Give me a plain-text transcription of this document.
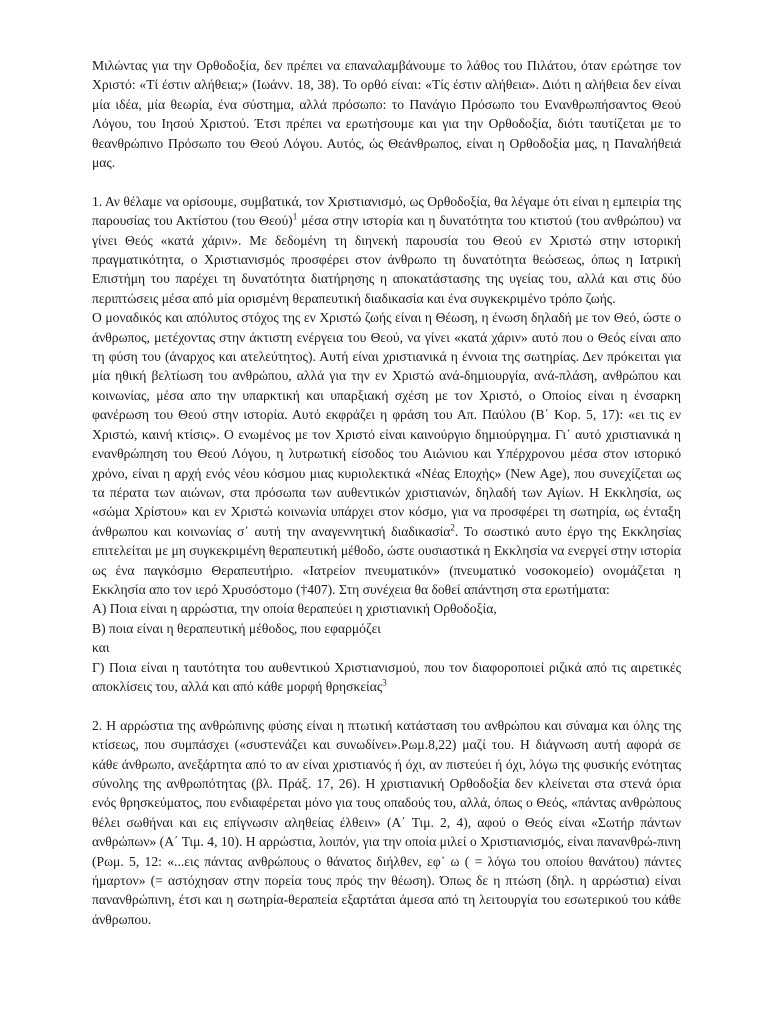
Μιλώντας για την Ορθοδοξία, δεν πρέπει να επαναλαμβάνουμε το λάθος του Πιλάτου, όταν ερώτησε τον Χριστό: «Τί έστιν αλήθεια;» (Ιωάνν. 18, 38). Το ορθό είναι: «Τίς έστιν αλήθεια». Διότι η αλήθεια δεν είναι μία ιδέα, μία θεωρία, ένα σύστημα, αλλά πρόσωπο: το Πανάγιο Πρόσωπο του Ενανθρωπήσαντος Θεού Λόγου, του Ιησού Χριστού. Έτσι πρέπει να ερωτήσουμε και για την Ορθοδοξία, διότι ταυτίζεται με το θεανθρώπινο Πρόσωπο του Θεού Λόγου. Αυτός, ώς Θεάνθρωπος, είναι η Ορθοδοξία μας, η Παναλήθειά μας.

1. Αν θέλαμε να ορίσουμε, συμβατικά, τον Χριστιανισμό, ως Ορθοδοξία, θα λέγαμε ότι είναι η εμπειρία της παρουσίας του Ακτίστου (του Θεού)$^1$ μέσα στην ιστορία και η δυνατότητα του κτιστού (του ανθρώπου) να γίνει Θεός «κατά χάριν». Με δεδομένη τη διηνεκή παρουσία του Θεού εν Χριστώ στην ιστορική πραγματικότητα, ο Χριστιανισμός προσφέρει στον άνθρωπο τη δυνατότητα θεώσεως, όπως η Ιατρική Επιστήμη του παρέχει τη δυνατότητα διατήρησης η αποκατάστασης της υγείας του, αλλά και στις δύο περιπτώσεις μέσα από μία ορισμένη θεραπευτική διαδικασία και ένα συγκεκριμένο τρόπο ζωής.

Ο μοναδικός και απόλυτος στόχος της εν Χριστώ ζωής είναι η Θέωση, η ένωση δηλαδή με τον Θεό, ώστε ο άνθρωπος, μετέχοντας στην άκτιστη ενέργεια του Θεού, να γίνει «κατά χάριν» αυτό που ο Θεός είναι απο τη φύση του (άναρχος και ατελεύτητος). Αυτή είναι χριστιανικά η έννοια της σωτηρίας. Δεν πρόκειται για μία ηθική βελτίωση του ανθρώπου, αλλά για την εν Χριστώ ανά-δημιουργία, ανά-πλάση, ανθρώπου και κοινωνίας, μέσα απο την υπαρκτική και υπαρξιακή σχέση με τον Χριστό, ο Οποίος είναι η ένσαρκη φανέρωση του Θεού στην ιστορία. Αυτό εκφράζει η φράση του Απ. Παύλου (Β΄ Κορ. 5, 17): «ει τις εν Χριστώ, καινή κτίσις». Ο ενωμένος με τον Χριστό είναι καινούργιο δημιούργημα. Γι᾽ αυτό χριστιανικά η ενανθρώπηση του Θεού Λόγου, η λυτρωτική είσοδος του Αιώνιου και Υπέρχρονου μέσα στον ιστορικό χρόνο, είναι η αρχή ενός νέου κόσμου μιας κυριολεκτικά «Νέας Εποχής» (New Age), που συνεχίζεται ως τα πέρατα των αιώνων, στα πρόσωπα των αυθεντικών χριστιανών, δηλαδή των Αγίων. Η Εκκλησία, ως «σώμα Χρίστου» και εν Χριστώ κοινωνία υπάρχει στον κόσμο, για να προσφέρει τη σωτηρία, ως ένταξη άνθρωπου και κοινωνίας σ᾽ αυτή την αναγεννητική διαδικασία$^2$. Το σωστικό αυτο έργο της Εκκλησίας επιτελείται με μη συγκεκριμένη θεραπευτική μέθοδο, ώστε ουσιαστικά η Εκκλησία να ενεργεί στην ιστορία ως ένα παγκόσμιο Θεραπευτήριο. «Ιατρείον πνευματικόν» (πνευματικό νοσοκομείο) ονομάζεται η Εκκλησία απο τον ιερό Χρυσόστομο (†407). Στη συνέχεια θα δοθεί απάντηση στα ερωτήματα:

Α) Ποια είναι η αρρώστια, την οποία θεραπεύει η χριστιανική Ορθοδοξία,

Β) ποια είναι η θεραπευτική μέθοδος, που εφαρμόζει

και

Γ) Ποια είναι η ταυτότητα του αυθεντικού Χριστιανισμού, που τον διαφοροποιεί ριζικά από τις αιρετικές αποκλίσεις του, αλλά και από κάθε μορφή θρησκείας$^3$

2. Η αρρώστια της ανθρώπινης φύσης είναι η πτωτική κατάσταση του ανθρώπου και σύναμα και όλης της κτίσεως, που συμπάσχει («συστενάζει και συνωδίνει».Ρωμ.8,22) μαζί του. Η διάγνωση αυτή αφορά σε κάθε άνθρωπο, ανεξάρτητα από το αν είναι χριστιανός ή όχι, αν πιστεύει ή όχι, λόγω της φυσικής ενότητας σύνολης της ανθρωπότητας (βλ. Πράξ. 17, 26). Η χριστιανική Ορθοδοξία δεν κλείνεται στα στενά όρια ενός θρησκεύματος, που ενδιαφέρεται μόνο για τους οπαδούς του, αλλά, όπως ο Θεός, «πάντας ανθρώπους θέλει σωθήναι και εις επίγνωσιν αληθείας έλθειν» (Α΄ Τιμ. 2, 4), αφού ο Θεός είναι «Σωτήρ πάντων ανθρώπων» (Α΄ Τιμ. 4, 10). Η αρρώστια, λοιπόν, για την οποία μιλεί ο Χριστιανισμός, είναι πανανθρώ-πινη (Ρωμ. 5, 12: «...εις πάντας ανθρώπους ο θάνατος διήλθεν, εφ᾽ ω ( = λόγω του οποίου θανάτου) πάντες ήμαρτον» (= αστόχησαν στην πορεία τους πρός την θέωση). Όπως δε η πτώση (δηλ. η αρρώστια) είναι πανανθρώπινη, έτσι και η σωτηρία-θεραπεία εξαρτάται άμεσα από τη λειτουργία του εσωτερικού του κάθε άνθρωπου.
